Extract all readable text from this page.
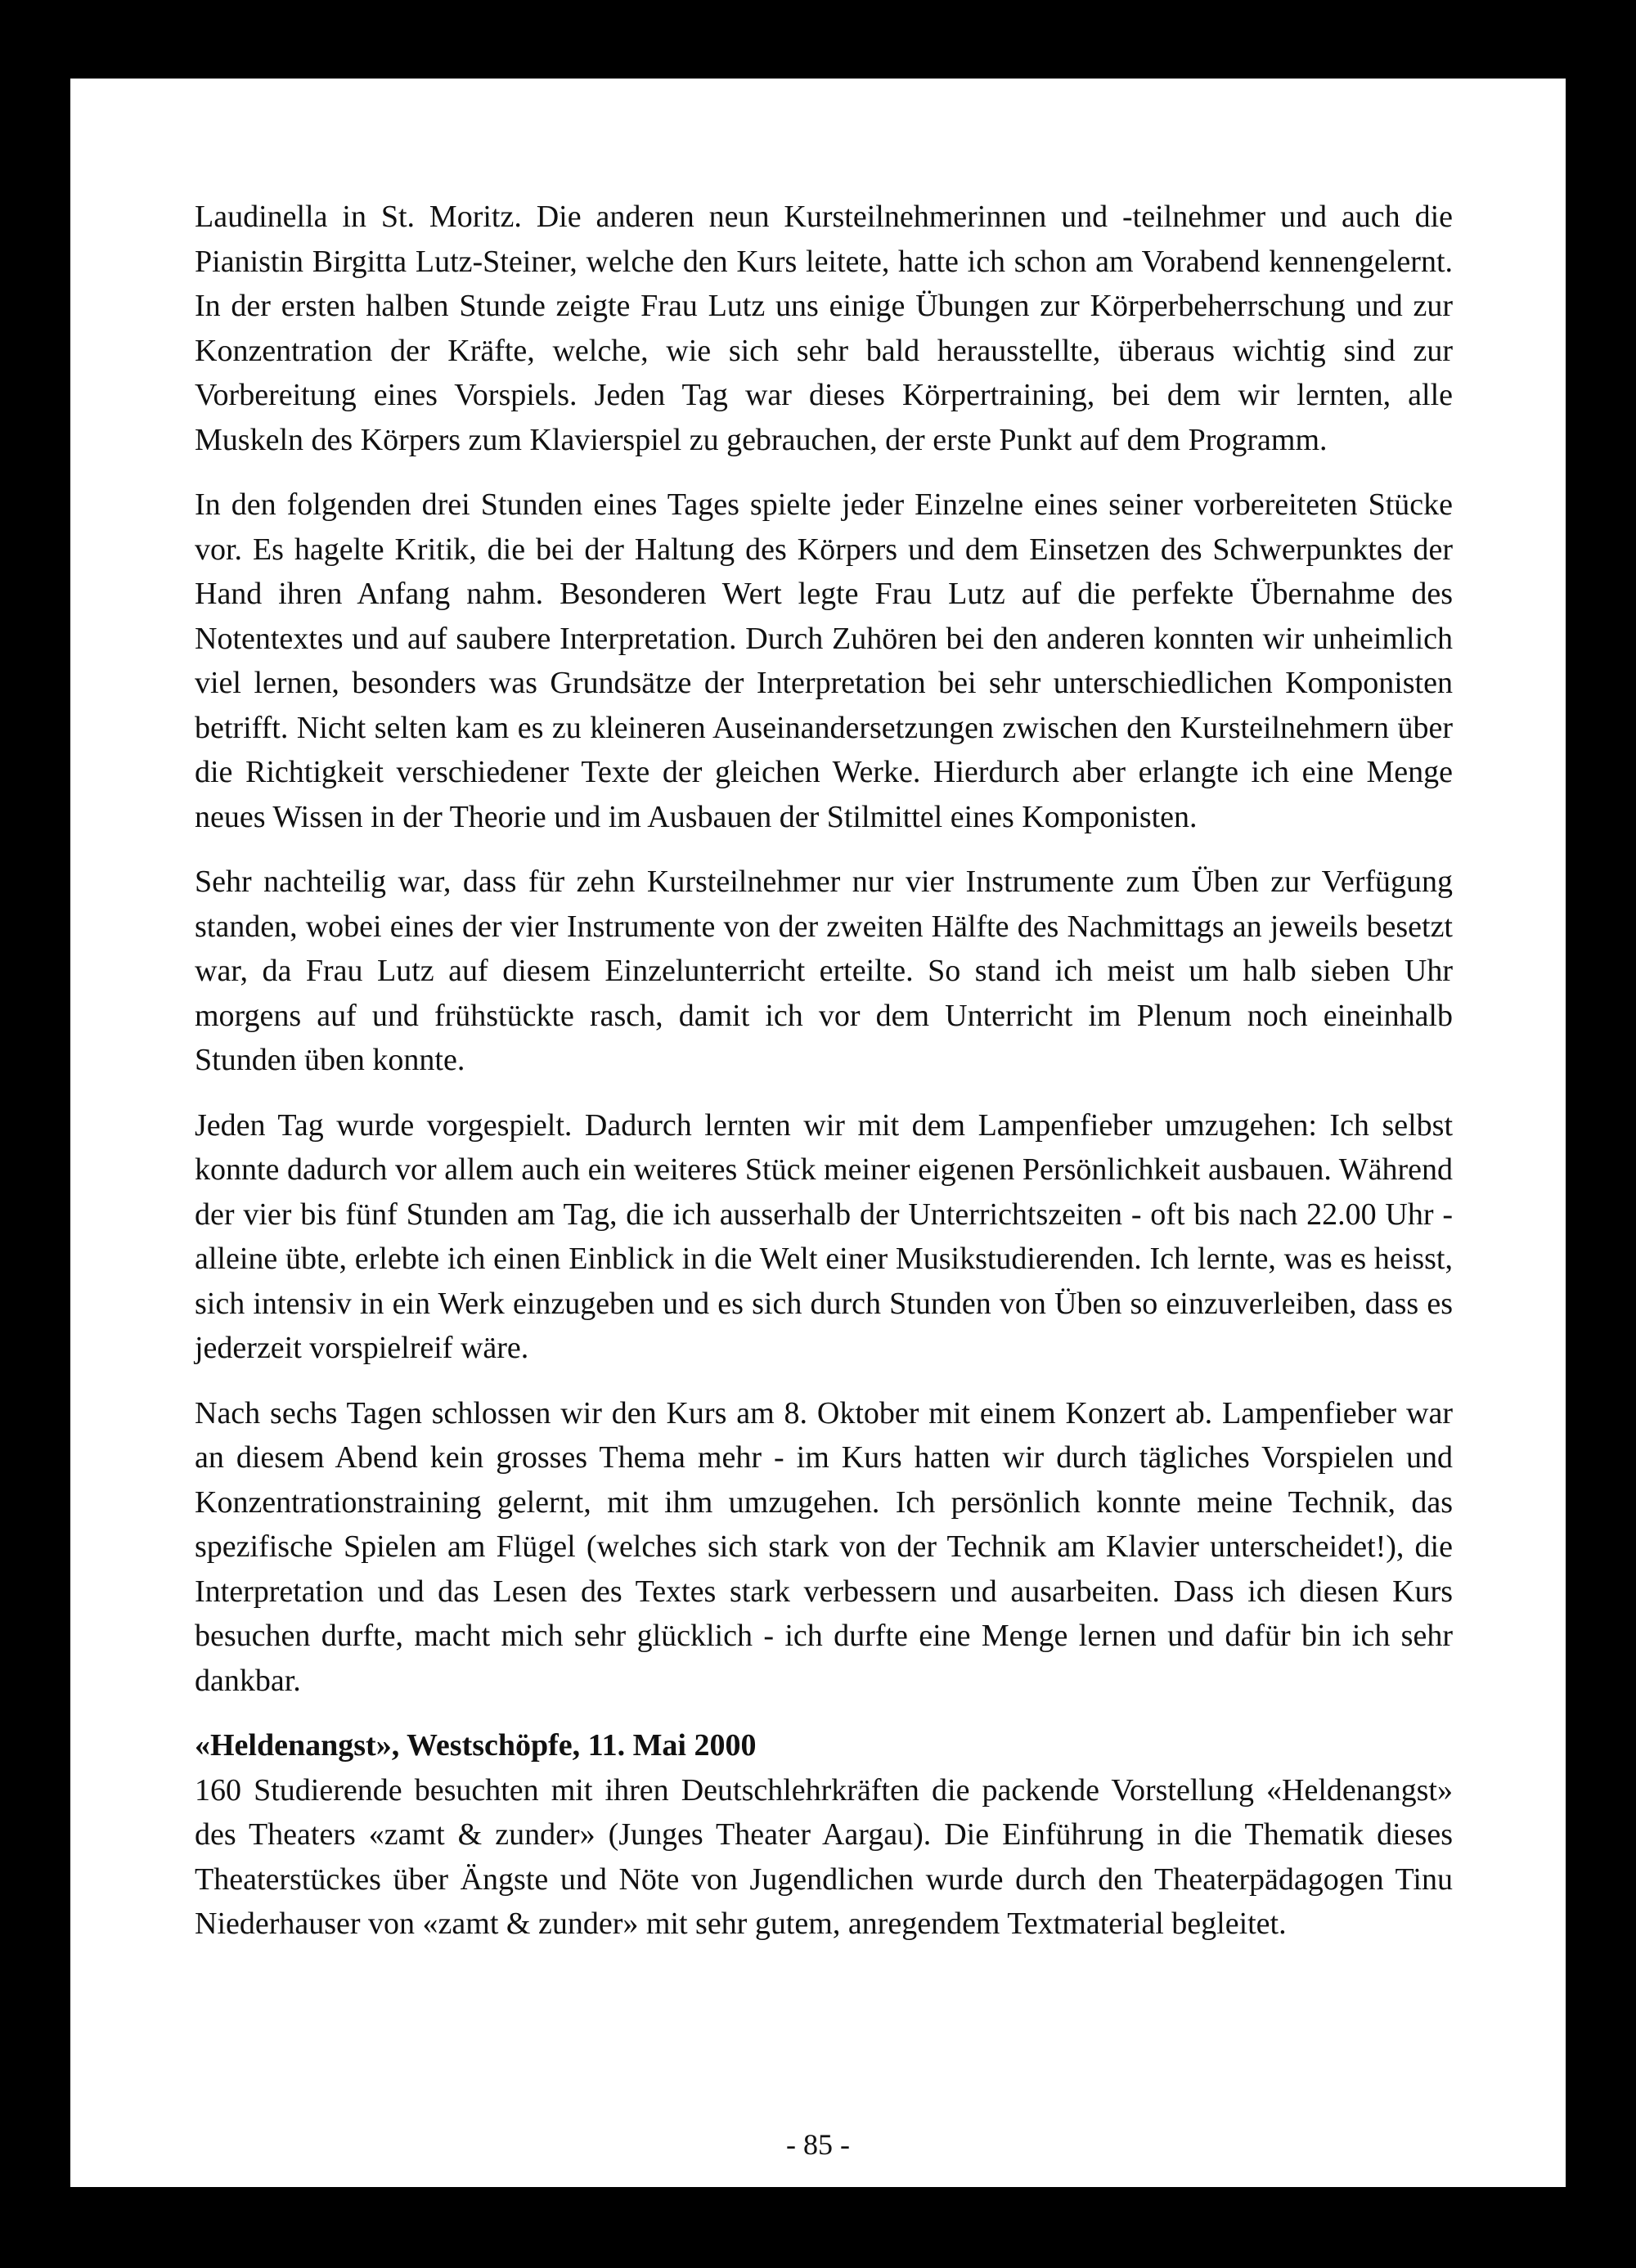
Laudinella in St. Moritz. Die anderen neun Kursteilnehmerinnen und -teilnehmer und auch die Pianistin Birgitta Lutz-Steiner, welche den Kurs leitete, hatte ich schon am Vorabend kennengelernt. In der ersten halben Stunde zeigte Frau Lutz uns einige Übungen zur Körperbeherrschung und zur Konzentration der Kräfte, welche, wie sich sehr bald herausstellte, überaus wichtig sind zur Vorbereitung eines Vorspiels. Jeden Tag war dieses Körpertraining, bei dem wir lernten, alle Muskeln des Körpers zum Klavierspiel zu gebrauchen, der erste Punkt auf dem Programm.

In den folgenden drei Stunden eines Tages spielte jeder Einzelne eines seiner vorbereiteten Stücke vor. Es hagelte Kritik, die bei der Haltung des Körpers und dem Einsetzen des Schwerpunktes der Hand ihren Anfang nahm. Besonderen Wert legte Frau Lutz auf die perfekte Übernahme des Notentextes und auf saubere Interpretation. Durch Zuhören bei den anderen konnten wir unheimlich viel lernen, besonders was Grundsätze der Interpretation bei sehr unterschiedlichen Komponisten betrifft. Nicht selten kam es zu kleineren Auseinandersetzungen zwischen den Kursteilnehmern über die Richtigkeit verschiedener Texte der gleichen Werke. Hierdurch aber erlangte ich eine Menge neues Wissen in der Theorie und im Ausbauen der Stilmittel eines Komponisten.

Sehr nachteilig war, dass für zehn Kursteilnehmer nur vier Instrumente zum Üben zur Verfügung standen, wobei eines der vier Instrumente von der zweiten Hälfte des Nachmittags an jeweils besetzt war, da Frau Lutz auf diesem Einzelunterricht erteilte. So stand ich meist um halb sieben Uhr morgens auf und frühstückte rasch, damit ich vor dem Unterricht im Plenum noch eineinhalb Stunden üben konnte.

Jeden Tag wurde vorgespielt. Dadurch lernten wir mit dem Lampenfieber umzugehen: Ich selbst konnte dadurch vor allem auch ein weiteres Stück meiner eigenen Persönlichkeit ausbauen. Während der vier bis fünf Stunden am Tag, die ich ausserhalb der Unterrichtszeiten - oft bis nach 22.00 Uhr - alleine übte, erlebte ich einen Einblick in die Welt einer Musikstudierenden. Ich lernte, was es heisst, sich intensiv in ein Werk einzugeben und es sich durch Stunden von Üben so einzuverleiben, dass es jederzeit vorspielreif wäre.

Nach sechs Tagen schlossen wir den Kurs am 8. Oktober mit einem Konzert ab. Lampenfieber war an diesem Abend kein grosses Thema mehr - im Kurs hatten wir durch tägliches Vorspielen und Konzentrationstraining gelernt, mit ihm umzugehen. Ich persönlich konnte meine Technik, das spezifische Spielen am Flügel (welches sich stark von der Technik am Klavier unterscheidet!), die Interpretation und das Lesen des Textes stark verbessern und ausarbeiten. Dass ich diesen Kurs besuchen durfte, macht mich sehr glücklich - ich durfte eine Menge lernen und dafür bin ich sehr dankbar.

«Heldenangst», Westschöpfe, 11. Mai 2000

160 Studierende besuchten mit ihren Deutschlehrkräften die packende Vorstellung «Heldenangst» des Theaters «zamt & zunder» (Junges Theater Aargau). Die Einführung in die Thematik dieses Theaterstückes über Ängste und Nöte von Jugendlichen wurde durch den Theaterpädagogen Tinu Niederhauser von «zamt & zunder» mit sehr gutem, anregendem Textmaterial begleitet.

- 85 -
